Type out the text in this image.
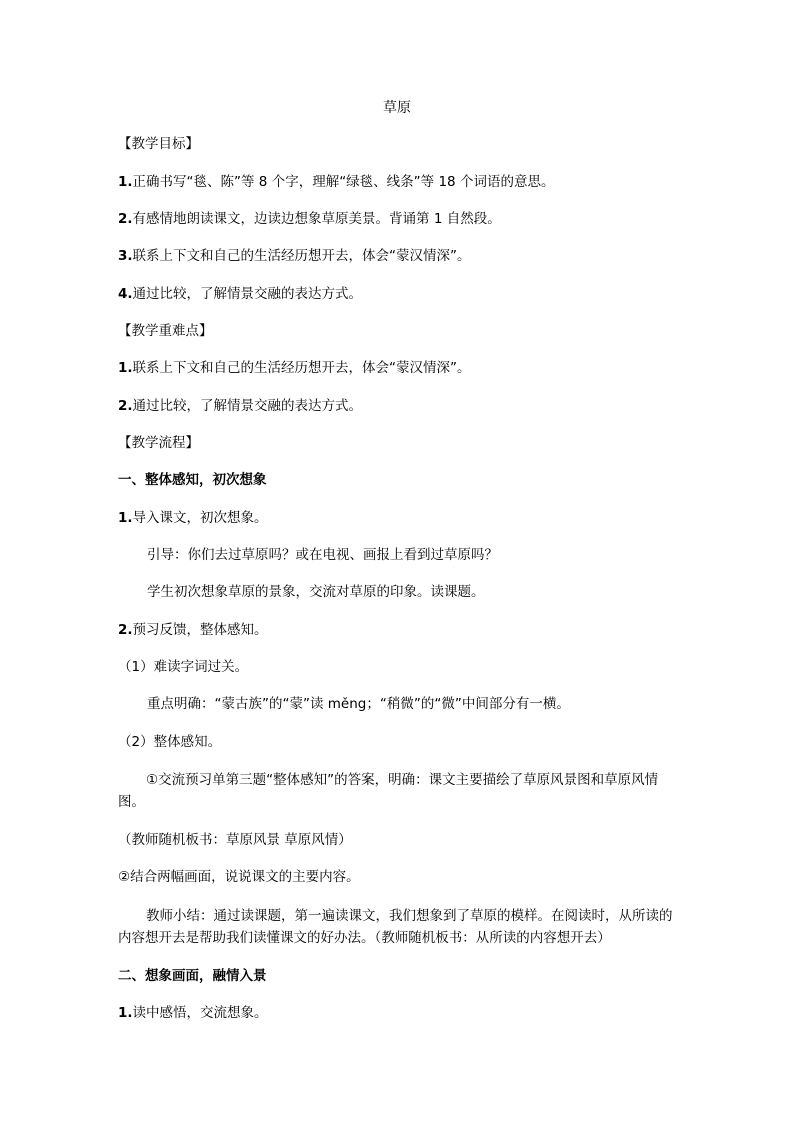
草原
【教学目标】
1.正确书写“毯、陈”等 8 个字，理解“绿毯、线条”等 18 个词语的意思。
2.有感情地朗读课文，边读边想象草原美景。背诵第 1 自然段。
3.联系上下文和自己的生活经历想开去，体会“蒙汉情深”。
4.通过比较，了解情景交融的表达方式。
【教学重难点】
1.联系上下文和自己的生活经历想开去，体会“蒙汉情深”。
2.通过比较，了解情景交融的表达方式。
【教学流程】
一、整体感知，初次想象
1.导入课文，初次想象。
引导：你们去过草原吗？或在电视、画报上看到过草原吗？
学生初次想象草原的景象，交流对草原的印象。读课题。
2.预习反馈，整体感知。
（1）难读字词过关。
重点明确：“蒙古族”的“蒙”读 měng；“稍微”的“微”中间部分有一横。
（2）整体感知。
①交流预习单第三题“整体感知”的答案，明确：课文主要描绘了草原风景图和草原风情图。
（教师随机板书：草原风景 草原风情）
②结合两幅画面，说说课文的主要内容。
教师小结：通过读课题，第一遍读课文，我们想象到了草原的模样。在阅读时，从所读的内容想开去是帮助我们读懂课文的好办法。（教师随机板书：从所读的内容想开去）
二、想象画面，融情入景
1.读中感悟，交流想象。
